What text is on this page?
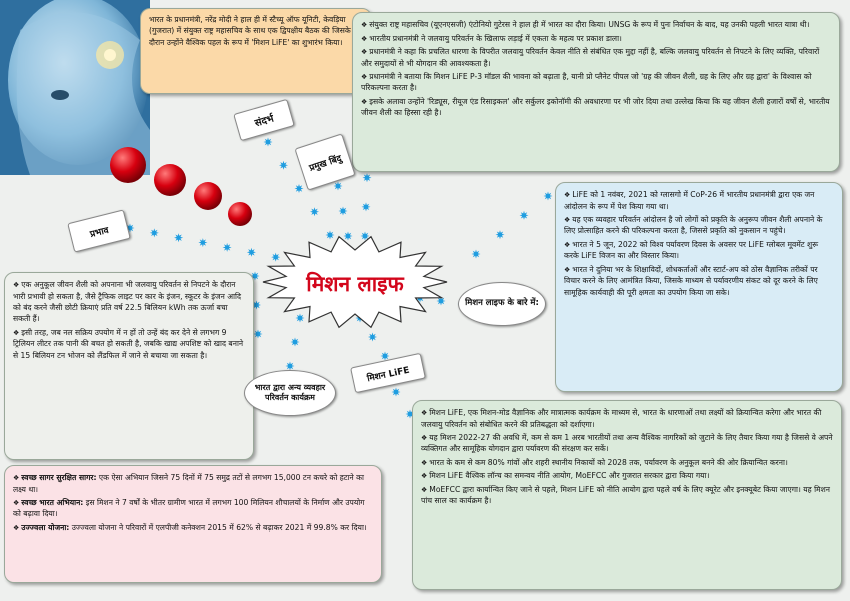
मिशन लाइफ
भारत के प्रधानमंत्री, नरेंद्र मोदी ने हाल ही में स्टैच्यू ऑफ यूनिटी, केवड़िया (गुजरात) में संयुक्त राष्ट्र महासचिव के साथ एक द्विपक्षीय बैठक की जिसके दौरान उन्होंने वैश्विक पहल के रूप में 'मिशन LiFE' का शुभारंभ किया।
❖ संयुक्त राष्ट्र महासचिव (यूएनएसजी) एंटोनियो गुटेरस ने हाल ही में भारत का दौरा किया। UNSG के रूप में पुनः निर्वाचन के बाद, यह उनकी पहली भारत यात्रा थी।
❖ भारतीय प्रधानमंत्री ने जलवायु परिवर्तन के खिलाफ लड़ाई में एकता के महत्व पर प्रकाश डाला।
❖ प्रधानमंत्री ने कहा कि प्रचलित धारणा के विपरीत जलवायु परिवर्तन केवल नीति से संबंधित एक मुद्दा नहीं है, बल्कि जलवायु परिवर्तन से निपटने के लिए व्यक्ति, परिवारों और समुदायों से भी योगदान की आवश्यकता है।
❖ प्रधानमंत्री ने बताया कि मिशन LiFE P-3 मॉडल की भावना को बढ़ाता है, यानी प्रो प्लैनेट पीपल जो 'ग्रह की जीवन शैली, ग्रह के लिए और ग्रह द्वारा' के विश्वास को परिकल्पना करता है।
❖ इसके अलावा उन्होंने 'रिड्यूस, रीयूज एंड रिसाइकल' और सर्कुलर इकोनॉमी की अवधारणा पर भी जोर दिया तथा उल्लेख किया कि यह जीवन शैली हजारों वर्षों से, भारतीय जीवन शैली का हिस्सा रही है।
❖ LiFE को 1 नवंबर, 2021 को ग्लासगो में CoP-26 में भारतीय प्रधानमंत्री द्वारा एक जन आंदोलन के रूप में पेश किया गया था।
❖ यह एक व्यवहार परिवर्तन आंदोलन है जो लोगों को प्रकृति के अनुरूप जीवन शैली अपनाने के लिए प्रोत्साहित करने की परिकल्पना करता है, जिससे प्रकृति को नुकसान न पहुंचे।
❖ भारत ने 5 जून, 2022 को विश्व पर्यावरण दिवस के अवसर पर LiFE ग्लोबल मूवमेंट शुरू करके LiFE विजन का और विस्तार किया।
❖ भारत ने दुनिया भर के शिक्षाविदों, शोधकर्ताओं और स्टार्ट-अप को ठोस वैज्ञानिक तरीकों पर विचार करने के लिए आमंत्रित किया, जिसके माध्यम से पर्यावरणीय संकट को दूर करने के लिए सामूहिक कार्यवाही की पूरी क्षमता का उपयोग किया जा सके।
❖ एक अनुकूल जीवन शैली को अपनाना भी जलवायु परिवर्तन से निपटने के दौरान भारी प्रभावी हो सकता है, जैसे ट्रैफिक लाइट पर कार के इंजन, स्कूटर के इंजन आदि को बंद करने जैसी छोटी क्रियाएं प्रति वर्ष 22.5 बिलियन kWh तक ऊर्जा बचा सकती हैं।
❖ इसी तरह, जब नल सक्रिय उपयोग में न हों तो उन्हें बंद कर देने से लगभग 9 ट्रिलियन लीटर तक पानी की बचत हो सकती है, जबकि खाद्य अपशिष्ट को खाद बनाने से 15 बिलियन टन भोजन को लैंडफिल में जाने से बचाया जा सकता है।
❖ स्वच्छ सागर सुरक्षित सागर: एक ऐसा अभियान जिसने 75 दिनों में 75 समुद्र तटों से लगभग 15,000 टन कचरे को हटाने का लक्ष्य था।
❖ स्वच्छ भारत अभियान: इस मिशन ने 7 वर्षों के भीतर ग्रामीण भारत में लगभग 100 मिलियन शौचालयों के निर्माण और उपयोग को बढ़ावा दिया।
❖ उज्ज्वला योजना: उज्ज्वला योजना ने परिवारों में एलपीजी कनेक्शन 2015 में 62% से बढ़ाकर 2021 में 99.8% कर दिया।
❖ मिशन LiFE, एक मिशन-मोड वैज्ञानिक और मात्रात्मक कार्यक्रम के माध्यम से, भारत के धारणाओं तथा लक्ष्यों को क्रियान्वित करेगा और भारत की जलवायु परिवर्तन को संबोधित करने की प्रतिबद्धता को दर्शाएगा।
❖ यह मिशन 2022-27 की अवधि में, कम से कम 1 अरब भारतीयों तथा अन्य वैश्विक नागरिकों को जुटाने के लिए तैयार किया गया है जिससे वे अपने व्यक्तिगत और सामूहिक योगदान द्वारा पर्यावरण की संरक्षण कर सकें।
❖ भारत के कम से कम 80% गांवों और शहरी स्थानीय निकायों को 2028 तक, पर्यावरण के अनुकूल बनने की ओर क्रियान्वित करना।
❖ मिशन LiFE वैश्विक लॉन्च का समन्वय नीति आयोग, MoEFCC और गुजरात सरकार द्वारा किया गया।
❖ MoEFCC द्वारा कार्यान्वित किए जाने से पहले, मिशन LiFE को नीति आयोग द्वारा पहले वर्ष के लिए क्यूरेट और इनक्यूबेट किया जाएगा। यह मिशन पांच साल का कार्यक्रम है।
संदर्भ
प्रमुख बिंदु
प्रभाव
मिशन LiFE
भारत द्वारा अन्य व्यवहार परिवर्तन कार्यक्रम
मिशन लाइफ के बारे में:
